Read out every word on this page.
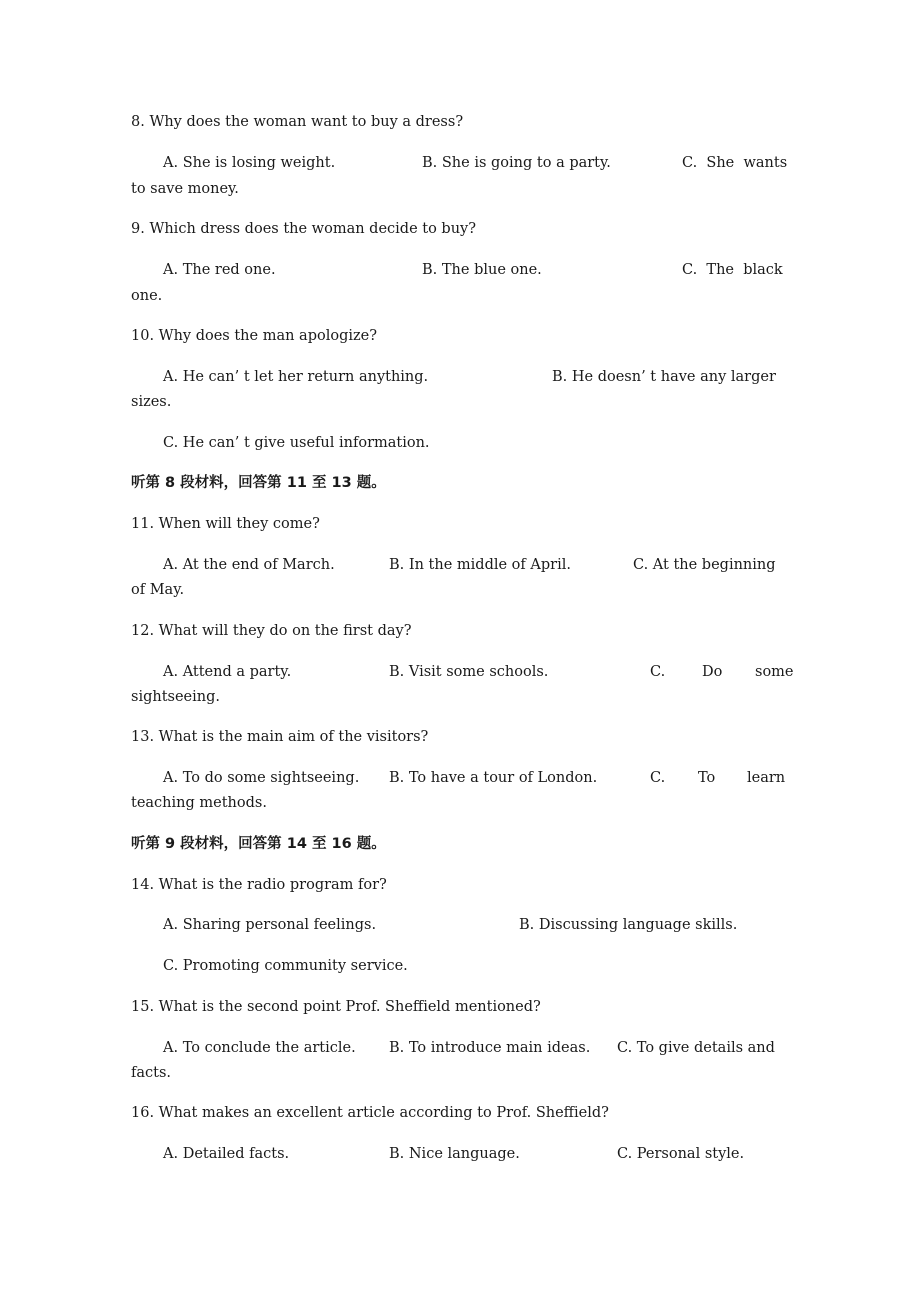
8. Why does the woman want to buy a dress?
A. She is losing weight.	B. She is going to a party.	C.  She  wants
to save money.
9. Which dress does the woman decide to buy?
A. The red one.	B. The blue one.	C.  The  black
one.
10. Why does the man apologize?
A. He can’ t let her return anything.	B. He doesn’ t have any larger
sizes.
C. He can’ t give useful information.
听第 8 段材料，回答第 11 至 13 题。
11. When will they come?
A. At the end of March.	B. In the middle of April.	C. At the beginning
of May.
12. What will they do on the first day?
A. Attend a party.	B. Visit some schools.	C.	Do some
sightseeing.
13. What is the main aim of the visitors?
A. To do some sightseeing. B. To have a tour of London.	C. To learn
teaching methods.
听第 9 段材料，回答第 14 至 16 题。
14. What is the radio program for?
A. Sharing personal feelings.	B. Discussing language skills.
C. Promoting community service.
15. What is the second point Prof. Sheffield mentioned?
A. To conclude the article. B. To introduce main ideas. C. To give details and
facts.
16. What makes an excellent article according to Prof. Sheffield?
A. Detailed facts.	B. Nice language.	C. Personal style.
